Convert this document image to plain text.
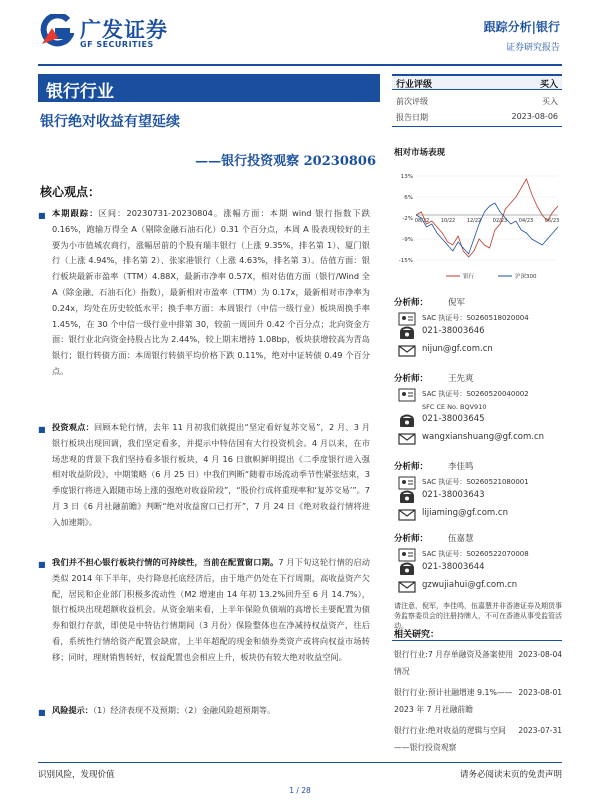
广发证券
GF SECURITIES
跟踪分析|银行
证券研究报告
银行行业
银行绝对收益有望延续
——银行投资观察 20230806
核心观点：
■ 本期跟踪：区间：20230731-20230804。涨幅方面：本期 wind 银行指数下跌 0.16%，跑输万得全 A（剔除金融石油石化）0.31 个百分点，本周 A 股表现较好的主要为小市值城农商行，涨幅居前的个股有瑞丰银行（上涨 9.35%，排名第 1）、厦门银行（上涨 4.94%，排名第 2）、张家港银行（上涨 4.63%，排名第 3）。估值方面：银行板块最新市盈率（TTM）4.88X，最新市净率 0.57X，相对估值方面（银行/Wind 全 A（除金融、石油石化）指数），最新相对市盈率（TTM）为 0.17x，最新相对市净率为 0.24x，均处在历史较低水平；换手率方面：本周银行（中信一级行业）板块周换手率 1.45%，在 30 个中信一级行业中排第 30，较前一周回升 0.42 个百分点；北向资金方面：银行业北向资金持股占比为 2.44%，较上期末增持 1.08bp，板块获增较高为青岛银行；银行转债方面：本周银行转债平均价格下跌 0.11%，绝对中证转债 0.49 个百分点。
■ 投资观点：回顾本轮行情，去年 11 月初我们就提出“坚定看好复苏交易”，2 月、3 月银行板块出现回调，我们坚定看多，并提示中特估国有大行投资机会。4 月以来，在市场悲观的背景下我们坚持看多银行板块，4 月 16 日旗帜鲜明提出《二季度银行进入强相对收益阶段》，中期策略（6 月 25 日）中我们判断“随着市场流动季节性紧张结束，3 季度银行将进入跟随市场上涨的强绝对收益阶段”，“股价行成将重现率和‘复苏交易’”。7 月 3 日《6 月社融前瞻》判断“绝对收益窗口已打开”，7 月 24 日《绝对收益行情将进入加速期》。
■ 我们并不担心银行板块行情的可持续性，当前在配置窗口期。7 月下旬这轮行情的启动类似 2014 年下半年，央行降息托底经济后，由于地产仍处在下行周期，高收益资产欠配，居民和企业部门积极多流动性（M2 增速由 14 年初 13.2%回升至 6 月 14.7%），银行板块出现超额收益机会。从资金端来看，上半年保险负债端的高增长主要配置为债券和银行存款，即使是中特估行情期间（3 月份）保险整体也在净减持权益资产，往后看，系统性行情给资产配置会缺席，上半年超配的现金和债券类资产或将向权益市场转移；同时，理财销售转好，权益配置也会相应上升，板块仍有较大绝对收益空间。
■ 风险提示：（1）经济表现不及预期；（2）金融风险超预期等。
行业评级	买入
前次评级	买入
报告日期	2023-08-06
相对市场表现
13%
6%
-2%
-9%
-15%
08/22 10/22 12/22 02/23 04/23 06/23
银行	沪深300
分析师： 倪军
SAC 执证号：S0260518020004
021-38003646
nijun@gf.com.cn
分析师： 王先爽
SAC 执证号：S0260520040002
SFC CE No. BQV910
021-38003645
wangxianshuang@gf.com.cn
分析师： 李佳鸣
SAC 执证号：S0260521080001
021-38003643
lijiaming@gf.com.cn
分析师： 伍嘉慧
SAC 执证号：S0260522070008
021-38003644
gzwujiahui@gf.com.cn
请注意，倪军，李佳鸣，伍嘉慧并非香港证券及期货事务监察委员会的注册持牌人，不可在香港从事受监管活动。
相关研究：
银行行业:7 月存单融资及备案使用情况
2023-08-04
银行行业:预计社融增速 9.1%——2023 年 7 月社融前瞻
2023-08-01
银行行业:绝对收益的逻辑与空间——银行投资观察
2023-07-31
识别风险，发现价值	请务必阅读末页的免责声明
1 / 28
